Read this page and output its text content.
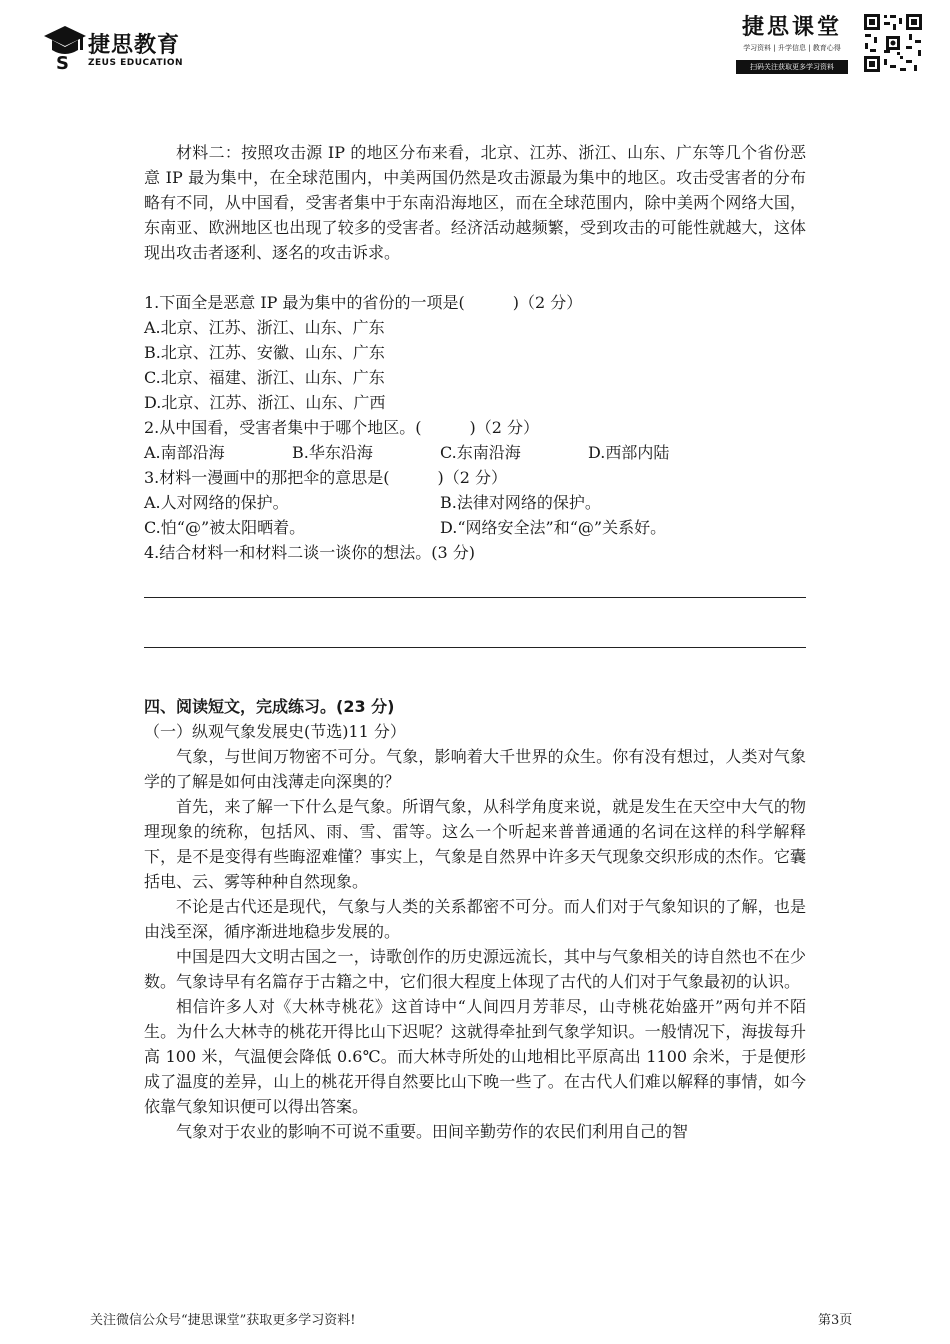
S
捷思教育
ZEUS EDUCATION
捷思课堂
学习资料 | 升学信息 | 教育心得
扫码关注获取更多学习资料

材料二：按照攻击源 IP 的地区分布来看，北京、江苏、浙江、山东、广东等几个省份恶意 IP 最为集中，在全球范围内，中美两国仍然是攻击源最为集中的地区。攻击受害者的分布略有不同，从中国看，受害者集中于东南沿海地区，而在全球范围内，除中美两个网络大国，东南亚、欧洲地区也出现了较多的受害者。经济活动越频繁，受到攻击的可能性就越大，这体现出攻击者逐利、逐名的攻击诉求。

1.下面全是恶意 IP 最为集中的省份的一项是(　　　)（2 分）

A.北京、江苏、浙江、山东、广东

B.北京、江苏、安徽、山东、广东

C.北京、福建、浙江、山东、广东

D.北京、江苏、浙江、山东、广西

2.从中国看，受害者集中于哪个地区。(　　　)（2 分）

A.南部沿海	B.华东沿海	C.东南沿海	D.西部内陆

3.材料一漫画中的那把伞的意思是(　　　)（2 分）

A.人对网络的保护。	B.法律对网络的保护。
C.怕“@”被太阳晒着。	D.“网络安全法”和“@”关系好。

4.结合材料一和材料二谈一谈你的想法。(3 分)

四、阅读短文，完成练习。(23 分)

（一）纵观气象发展史(节选)11 分）

气象，与世间万物密不可分。气象，影响着大千世界的众生。你有没有想过，人类对气象学的了解是如何由浅薄走向深奥的？

首先，来了解一下什么是气象。所谓气象，从科学角度来说，就是发生在天空中大气的物理现象的统称，包括风、雨、雪、雷等。这么一个听起来普普通通的名词在这样的科学解释下，是不是变得有些晦涩难懂？事实上，气象是自然界中许多天气现象交织形成的杰作。它囊括电、云、雾等种种自然现象。

不论是古代还是现代，气象与人类的关系都密不可分。而人们对于气象知识的了解，也是由浅至深，循序渐进地稳步发展的。

中国是四大文明古国之一，诗歌创作的历史源远流长，其中与气象相关的诗自然也不在少数。气象诗早有名篇存于古籍之中，它们很大程度上体现了古代的人们对于气象最初的认识。

相信许多人对《大林寺桃花》这首诗中“人间四月芳菲尽，山寺桃花始盛开”两句并不陌生。为什么大林寺的桃花开得比山下迟呢？这就得牵扯到气象学知识。一般情况下，海拔每升高 100 米，气温便会降低 0.6℃。而大林寺所处的山地相比平原高出 1100 余米，于是便形成了温度的差异，山上的桃花开得自然要比山下晚一些了。在古代人们难以解释的事情，如今依靠气象知识便可以得出答案。

气象对于农业的影响不可说不重要。田间辛勤劳作的农民们利用自己的智

关注微信公众号“捷思课堂”获取更多学习资料!	第3页
